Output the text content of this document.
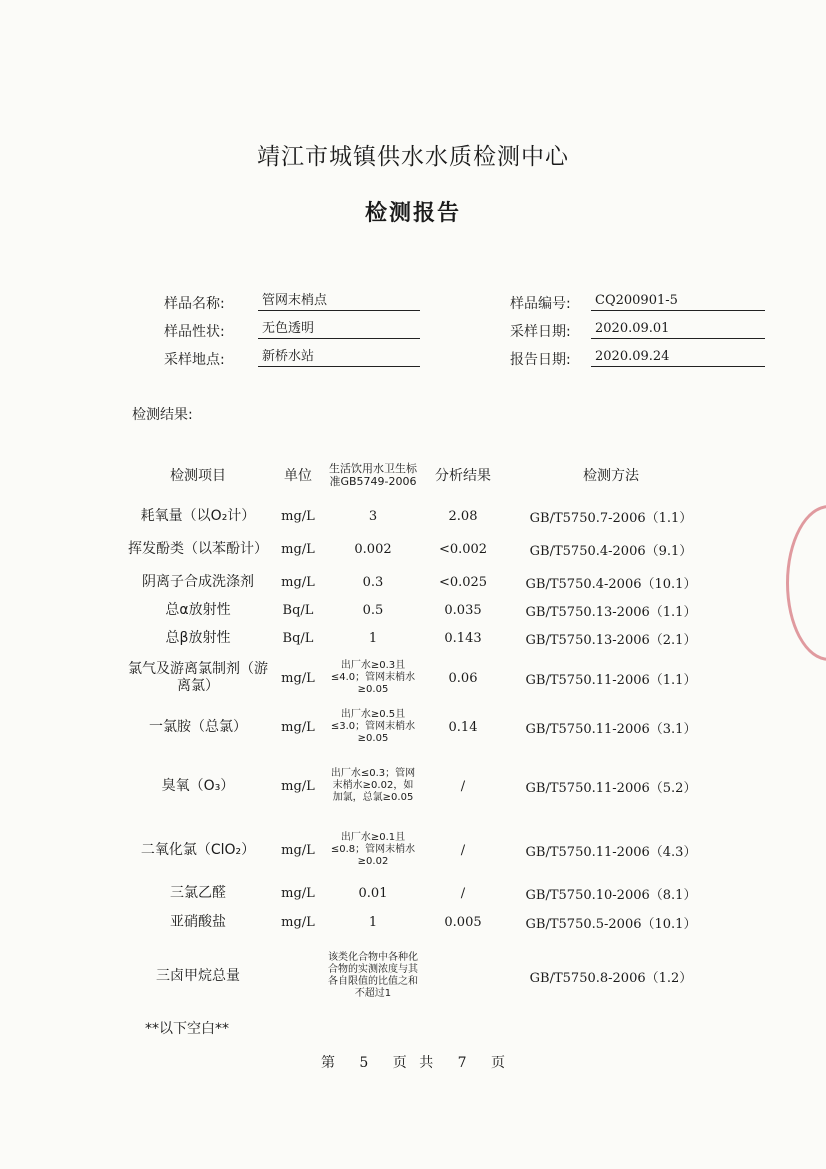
靖江市城镇供水水质检测中心
检测报告
样品名称:	管网末梢点
样品性状:	无色透明
采样地点:	新桥水站
样品编号:	CQ200901-5
采样日期:	2020.09.01
报告日期:	2020.09.24
检测结果:
检测项目	单位	生活饮用水卫生标准GB5749-2006	分析结果	检测方法
耗氧量（以O₂计）	mg/L	3	2.08	GB/T5750.7-2006（1.1）
挥发酚类（以苯酚计）	mg/L	0.002	<0.002	GB/T5750.4-2006（9.1）
阴离子合成洗涤剂	mg/L	0.3	<0.025	GB/T5750.4-2006（10.1）
总α放射性	Bq/L	0.5	0.035	GB/T5750.13-2006（1.1）
总β放射性	Bq/L	1	0.143	GB/T5750.13-2006（2.1）
氯气及游离氯制剂（游离氯）	mg/L	出厂水≥0.3且≤4.0；管网末梢水≥0.05	0.06	GB/T5750.11-2006（1.1）
一氯胺（总氯）	mg/L	出厂水≥0.5且≤3.0；管网末梢水≥0.05	0.14	GB/T5750.11-2006（3.1）
臭氧（O₃）	mg/L	出厂水≤0.3；管网末梢水≥0.02，如加氯，总氯≥0.05	/	GB/T5750.11-2006（5.2）
二氧化氯（ClO₂）	mg/L	出厂水≥0.1且≤0.8；管网末梢水≥0.02	/	GB/T5750.11-2006（4.3）
三氯乙醛	mg/L	0.01	/	GB/T5750.10-2006（8.1）
亚硝酸盐	mg/L	1	0.005	GB/T5750.5-2006（10.1）
三卤甲烷总量		该类化合物中各种化合物的实测浓度与其各自限值的比值之和不超过1		GB/T5750.8-2006（1.2）
**以下空白**
第 5 页 共 7 页
